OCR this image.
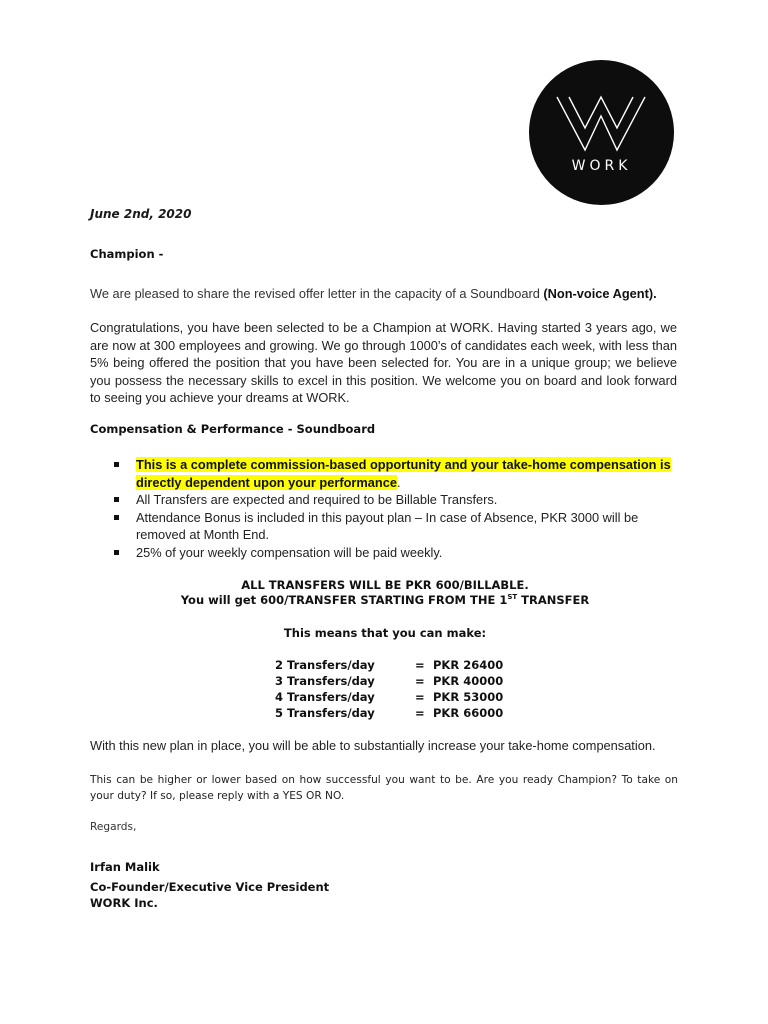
WORK
June 2nd, 2020
Champion -
We are pleased to share the revised offer letter in the capacity of a Soundboard (Non-voice Agent).
Congratulations, you have been selected to be a Champion at WORK. Having started 3 years ago, we are now at 300 employees and growing. We go through 1000’s of candidates each week, with less than 5% being offered the position that you have been selected for. You are in a unique group; we believe you possess the necessary skills to excel in this position. We welcome you on board and look forward to seeing you achieve your dreams at WORK.
Compensation & Performance - Soundboard
This is a complete commission-based opportunity and your take-home compensation is directly dependent upon your performance.
All Transfers are expected and required to be Billable Transfers.
Attendance Bonus is included in this payout plan – In case of Absence, PKR 3000 will be removed at Month End.
25% of your weekly compensation will be paid weekly.
ALL TRANSFERS WILL BE PKR 600/BILLABLE.
You will get 600/TRANSFER STARTING FROM THE 1ST TRANSFER
This means that you can make:
2 Transfers/day	= PKR 26400
3 Transfers/day	= PKR 40000
4 Transfers/day	= PKR 53000
5 Transfers/day	= PKR 66000
With this new plan in place, you will be able to substantially increase your take-home compensation.
This can be higher or lower based on how successful you want to be. Are you ready Champion? To take on your duty? If so, please reply with a YES OR NO.
Regards,
Irfan Malik
Co-Founder/Executive Vice President
WORK Inc.
